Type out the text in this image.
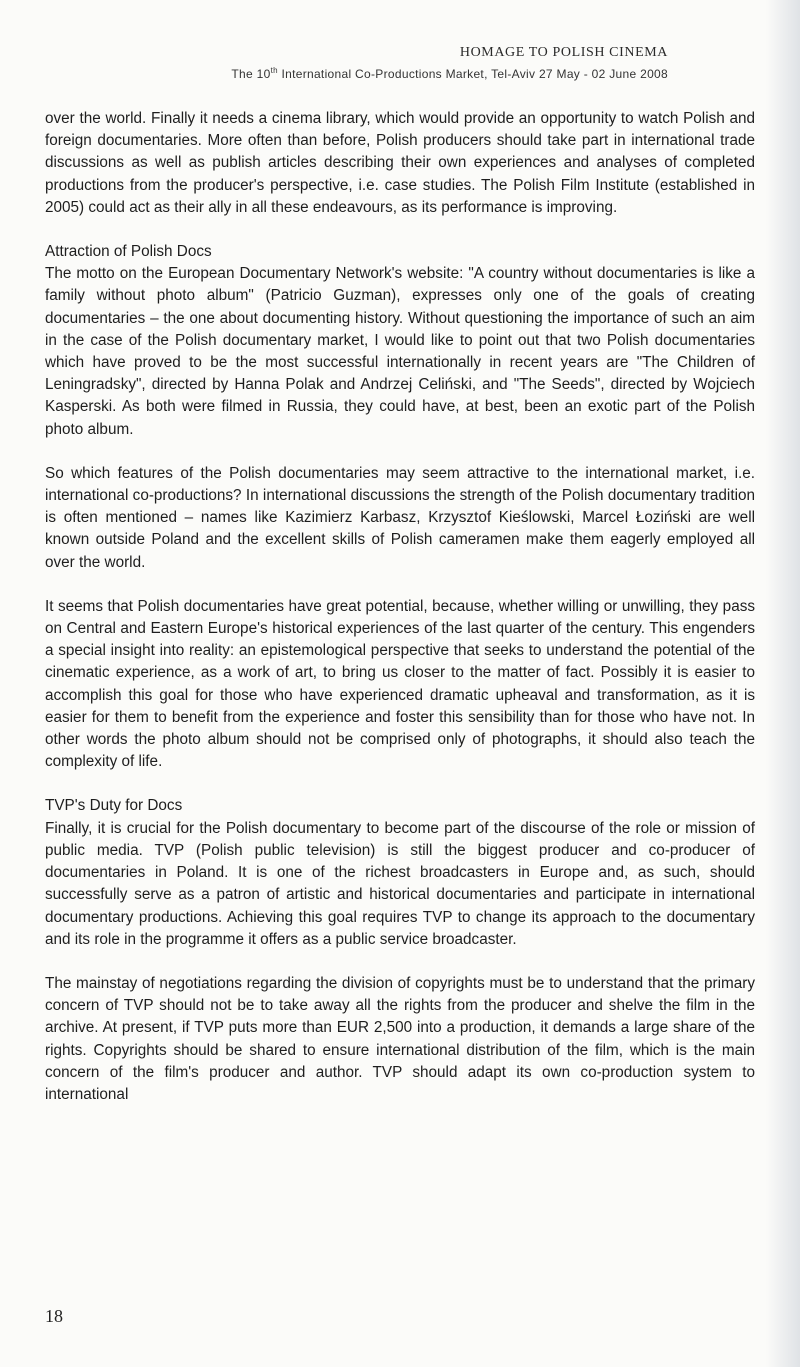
HOMAGE TO POLISH CINEMA
The 10th International Co-Productions Market, Tel-Aviv 27 May - 02 June 2008

over the world. Finally it needs a cinema library, which would provide an opportunity to watch Polish and foreign documentaries. More often than before, Polish producers should take part in international trade discussions as well as publish articles describing their own experiences and analyses of completed productions from the producer's perspective, i.e. case studies. The Polish Film Institute (established in 2005) could act as their ally in all these endeavours, as its performance is improving.

Attraction of Polish Docs

The motto on the European Documentary Network's website: "A country without documentaries is like a family without photo album" (Patricio Guzman), expresses only one of the goals of creating documentaries – the one about documenting history. Without questioning the importance of such an aim in the case of the Polish documentary market, I would like to point out that two Polish documentaries which have proved to be the most successful internationally in recent years are "The Children of Leningradsky", directed by Hanna Polak and Andrzej Celiński, and "The Seeds", directed by Wojciech Kasperski. As both were filmed in Russia, they could have, at best, been an exotic part of the Polish photo album.

So which features of the Polish documentaries may seem attractive to the international market, i.e. international co-productions? In international discussions the strength of the Polish documentary tradition is often mentioned – names like Kazimierz Karbasz, Krzysztof Kieślowski, Marcel Łoziński are well known outside Poland and the excellent skills of Polish cameramen make them eagerly employed all over the world.

It seems that Polish documentaries have great potential, because, whether willing or unwilling, they pass on Central and Eastern Europe's historical experiences of the last quarter of the century. This engenders a special insight into reality: an epistemological perspective that seeks to understand the potential of the cinematic experience, as a work of art, to bring us closer to the matter of fact. Possibly it is easier to accomplish this goal for those who have experienced dramatic upheaval and transformation, as it is easier for them to benefit from the experience and foster this sensibility than for those who have not. In other words the photo album should not be comprised only of photographs, it should also teach the complexity of life.

TVP's Duty for Docs

Finally, it is crucial for the Polish documentary to become part of the discourse of the role or mission of public media. TVP (Polish public television) is still the biggest producer and co-producer of documentaries in Poland. It is one of the richest broadcasters in Europe and, as such, should successfully serve as a patron of artistic and historical documentaries and participate in international documentary productions. Achieving this goal requires TVP to change its approach to the documentary and its role in the programme it offers as a public service broadcaster.

The mainstay of negotiations regarding the division of copyrights must be to understand that the primary concern of TVP should not be to take away all the rights from the producer and shelve the film in the archive. At present, if TVP puts more than EUR 2,500 into a production, it demands a large share of the rights. Copyrights should be shared to ensure international distribution of the film, which is the main concern of the film's producer and author. TVP should adapt its own co-production system to international

18
